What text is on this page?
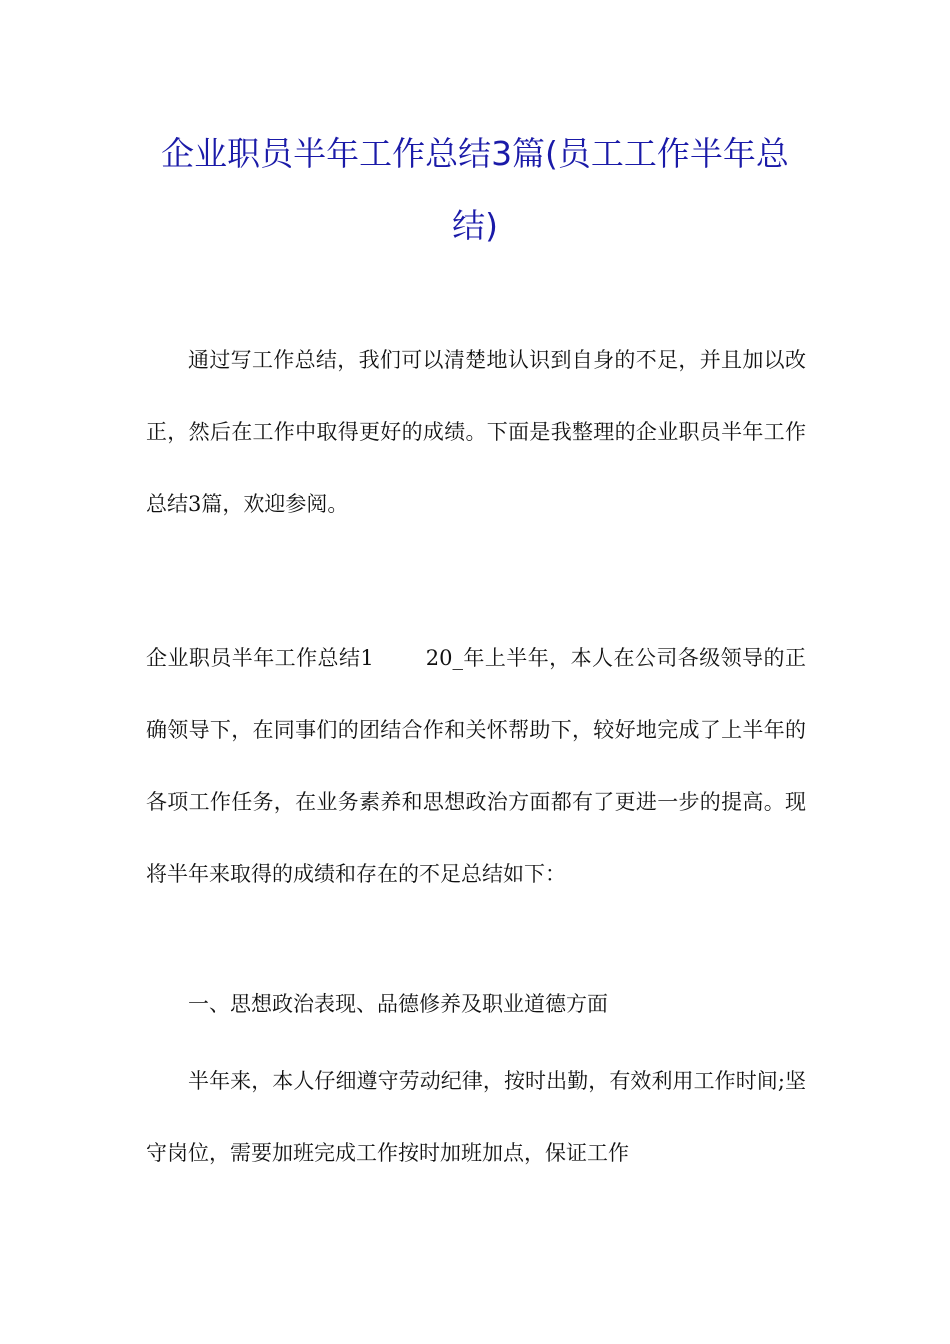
企业职员半年工作总结3篇(员工工作半年总结)

通过写工作总结，我们可以清楚地认识到自身的不足，并且加以改正，然后在工作中取得更好的成绩。下面是我整理的企业职员半年工作总结3篇，欢迎参阅。

企业职员半年工作总结1 20_年上半年，本人在公司各级领导的正确领导下，在同事们的团结合作和关怀帮助下，较好地完成了上半年的各项工作任务，在业务素养和思想政治方面都有了更进一步的提高。现将半年来取得的成绩和存在的不足总结如下：

一、思想政治表现、品德修养及职业道德方面

半年来，本人仔细遵守劳动纪律，按时出勤，有效利用工作时间;坚守岗位，需要加班完成工作按时加班加点，保证工作
